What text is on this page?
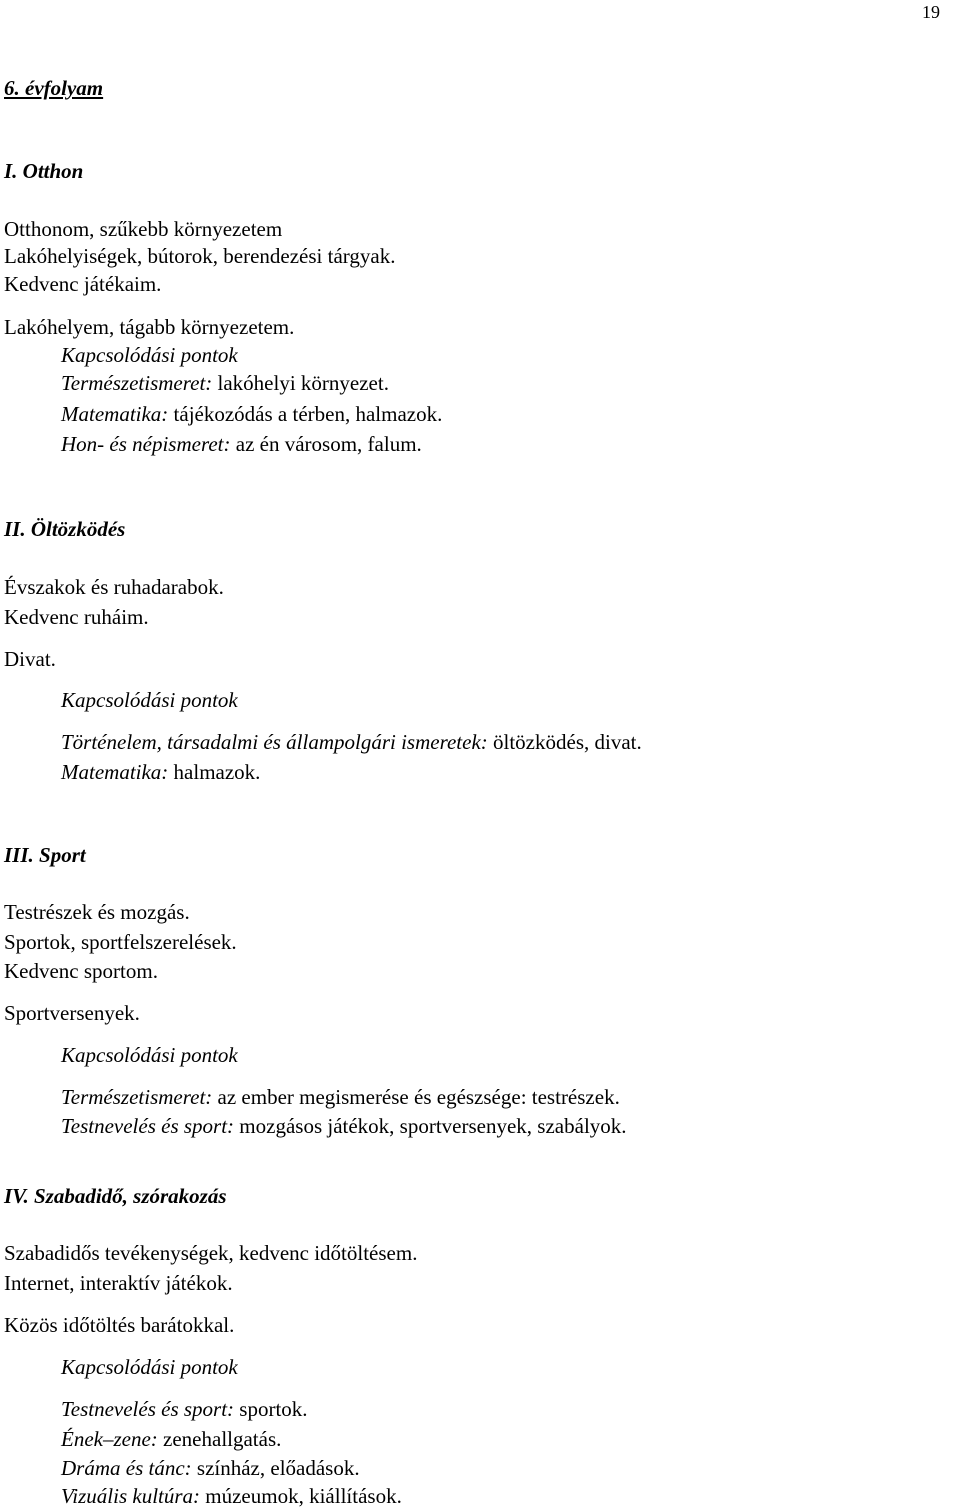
19
6. évfolyam
I. Otthon
Otthonom, szűkebb környezetem
Lakóhelyiségek, bútorok, berendezési tárgyak.
Kedvenc játékaim.
Lakóhelyem, tágabb környezetem.
Kapcsolódási pontok
Természetismeret: lakóhelyi környezet.
Matematika: tájékozódás a térben, halmazok.
Hon- és népismeret: az én városom, falum.
II. Öltözködés
Évszakok és ruhadarabok.
Kedvenc ruháim.
Divat.
Kapcsolódási pontok
Történelem, társadalmi és állampolgári ismeretek: öltözködés, divat.
Matematika: halmazok.
III. Sport
Testrészek és mozgás.
Sportok, sportfelszerelések.
Kedvenc sportom.
Sportversenyek.
Kapcsolódási pontok
Természetismeret: az ember megismerése és egészsége: testrészek.
Testnevelés és sport: mozgásos játékok, sportversenyek, szabályok.
IV. Szabadidő, szórakozás
Szabadidős tevékenységek, kedvenc időtöltésem.
Internet, interaktív játékok.
Közös időtöltés barátokkal.
Kapcsolódási pontok
Testnevelés és sport: sportok.
Ének–zene: zenehallgatás.
Dráma és tánc: színház, előadások.
Vizuális kultúra: múzeumok, kiállítások.
